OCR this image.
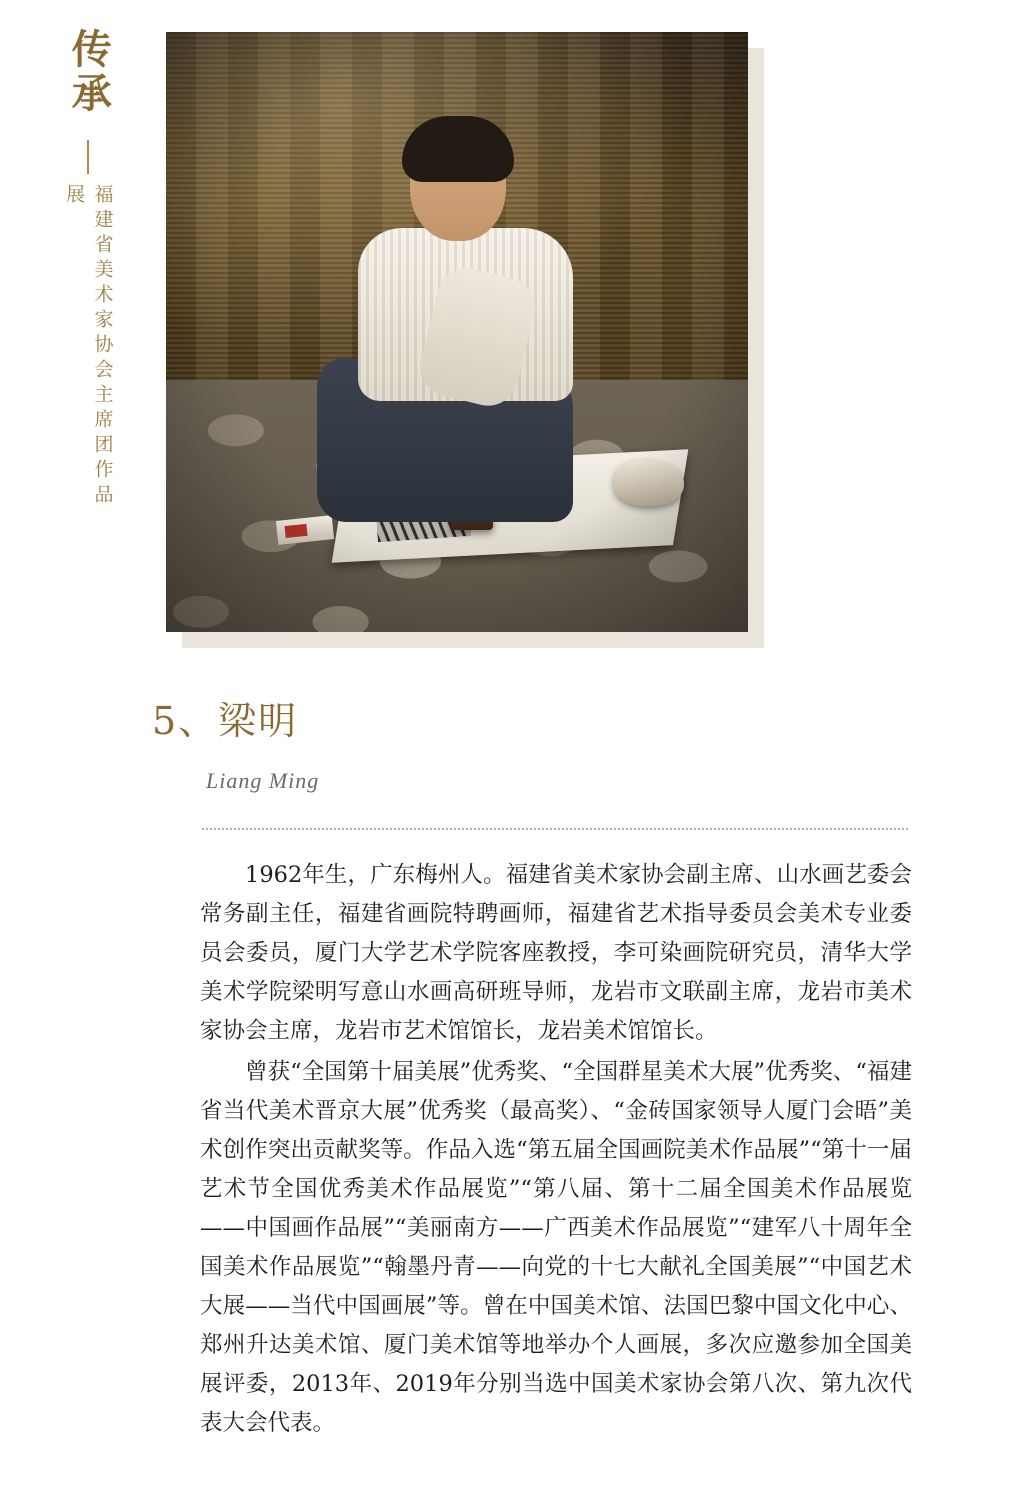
传承
福建省美术家协会主席团作品展
5、梁明
Liang Ming

1962年生，广东梅州人。福建省美术家协会副主席、山水画艺委会常务副主任，福建省画院特聘画师，福建省艺术指导委员会美术专业委员会委员，厦门大学艺术学院客座教授，李可染画院研究员，清华大学美术学院梁明写意山水画高研班导师，龙岩市文联副主席，龙岩市美术家协会主席，龙岩市艺术馆馆长，龙岩美术馆馆长。

曾获“全国第十届美展”优秀奖、“全国群星美术大展”优秀奖、“福建省当代美术晋京大展”优秀奖（最高奖）、“金砖国家领导人厦门会晤”美术创作突出贡献奖等。作品入选“第五届全国画院美术作品展”“第十一届艺术节全国优秀美术作品展览”“第八届、第十二届全国美术作品展览——中国画作品展”“美丽南方——广西美术作品展览”“建军八十周年全国美术作品展览”“翰墨丹青——向党的十七大献礼全国美展”“中国艺术大展——当代中国画展”等。曾在中国美术馆、法国巴黎中国文化中心、郑州升达美术馆、厦门美术馆等地举办个人画展，多次应邀参加全国美展评委，2013年、2019年分别当选中国美术家协会第八次、第九次代表大会代表。
